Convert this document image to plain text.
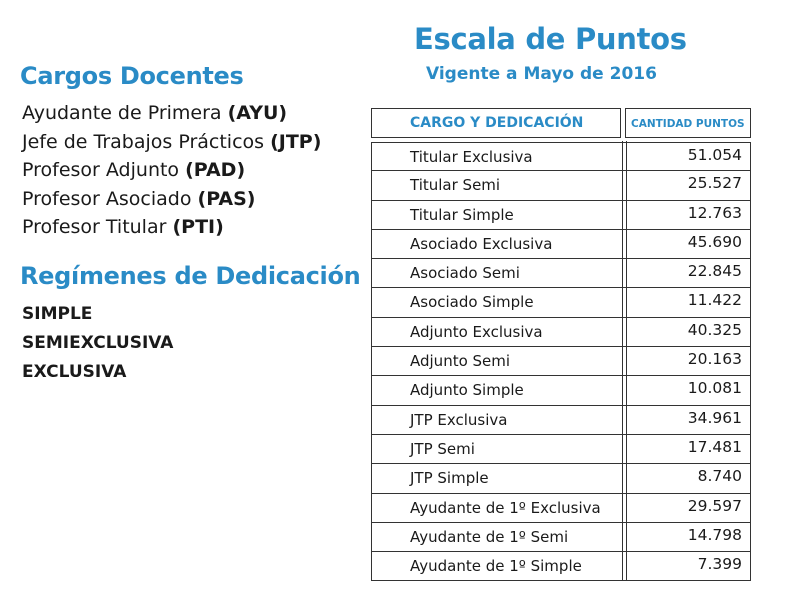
Escala de Puntos
Vigente a Mayo de 2016
Cargos Docentes
Ayudante de Primera (AYU)
Jefe de Trabajos Prácticos (JTP)
Profesor Adjunto (PAD)
Profesor Asociado (PAS)
Profesor Titular (PTI)
Regímenes de Dedicación
SIMPLE
SEMIEXCLUSIVA
EXCLUSIVA
CARGO Y DEDICACIÓN	CANTIDAD PUNTOS
Titular Exclusiva	51.054
Titular Semi	25.527
Titular Simple	12.763
Asociado Exclusiva	45.690
Asociado Semi	22.845
Asociado Simple	11.422
Adjunto Exclusiva	40.325
Adjunto Semi	20.163
Adjunto Simple	10.081
JTP Exclusiva	34.961
JTP Semi	17.481
JTP Simple	8.740
Ayudante de 1º Exclusiva	29.597
Ayudante de 1º Semi	14.798
Ayudante de 1º Simple	7.399
